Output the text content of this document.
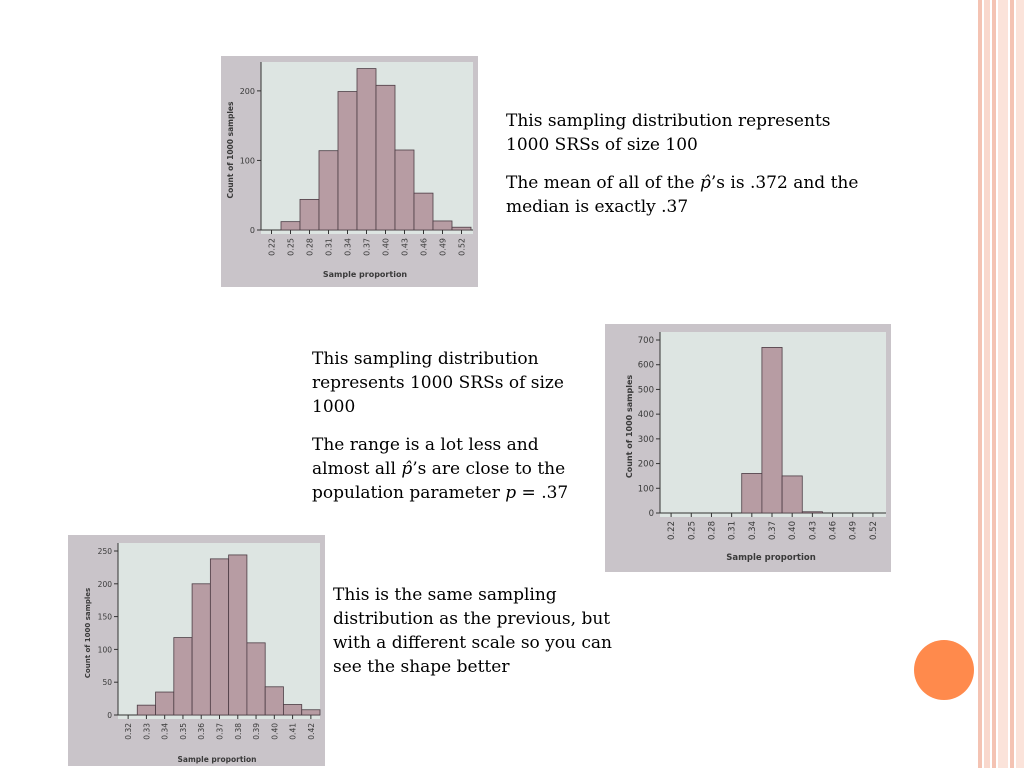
0
100
200
0.22 0.25 0.28 0.31 0.34 0.37 0.40 0.43 0.46 0.49 0.52
Sample proportion
Count of 1000 samples
0
100
200
300
400
500
600
700
0.22 0.25 0.28 0.31 0.34 0.37 0.40 0.43 0.46 0.49 0.52
Sample proportion
Count of 1000 samples
0
50
100
150
200
250
0.32 0.33 0.34 0.35 0.36 0.37 0.38 0.39 0.40 0.41 0.42
Sample proportion
Count of 1000 samples

This sampling distribution represents 1000 SRSs of size 100

The mean of all of the p̂’s is .372 and the median is exactly .37

This sampling distribution represents 1000 SRSs of size 1000

The range is a lot less and almost all p̂’s are close to the population parameter p = .37

This is the same sampling distribution as the previous, but with a different scale so you can see the shape better
